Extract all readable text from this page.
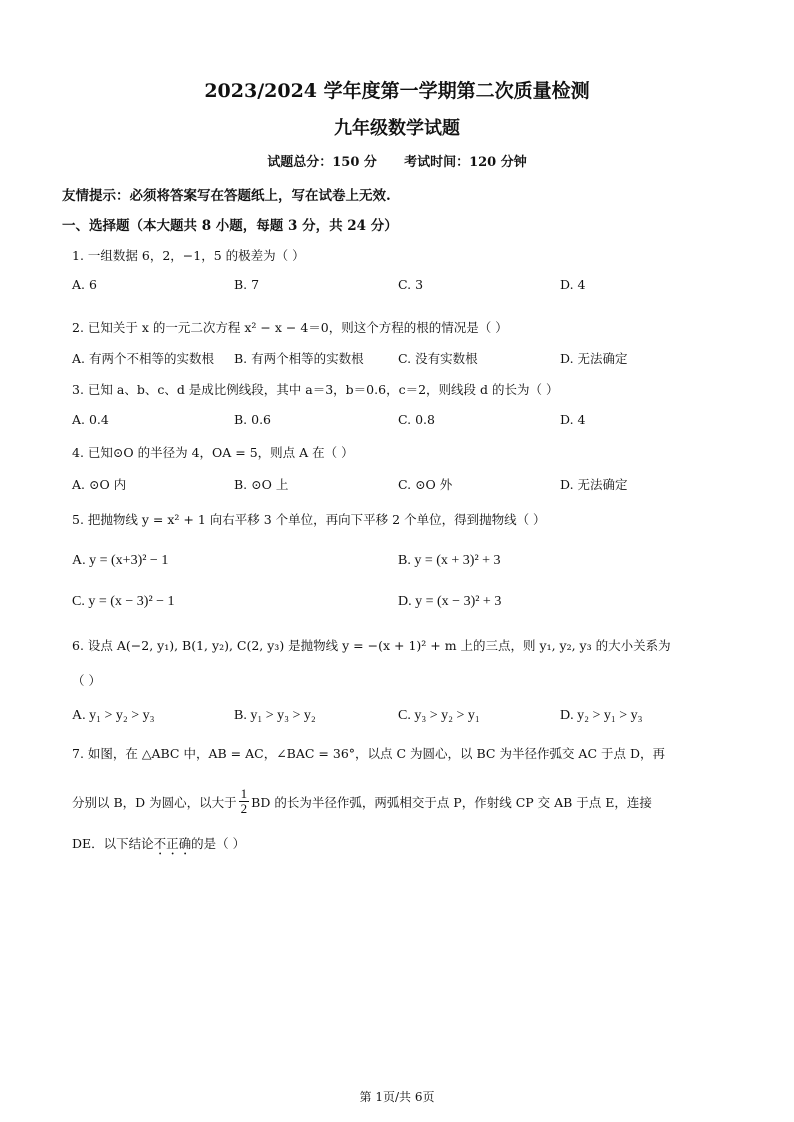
2023/2024 学年度第一学期第二次质量检测
九年级数学试题
试题总分：150 分      考试时间：120 分钟
友情提示：必须将答案写在答题纸上，写在试卷上无效.
一、选择题（本大题共 8 小题，每题 3 分，共 24 分）
1. 一组数据 6，2，−1，5 的极差为（ ）
A. 6	B. 7	C. 3	D. 4
2. 已知关于 x 的一元二次方程 x² − x − 4＝0，则这个方程的根的情况是（ ）
A. 有两个不相等的实数根 B. 有两个相等的实数根	C. 没有实数根	D. 无法确定
3. 已知 a、b、c、d 是成比例线段，其中 a＝3，b＝0.6，c＝2，则线段 d 的长为（ ）
A. 0.4	B. 0.6	C. 0.8	D. 4
4. 已知⊙O 的半径为 4，OA = 5，则点 A 在（ ）
A. ⊙O 内	B. ⊙O 上	C. ⊙O 外	D. 无法确定
5. 把抛物线 y = x² + 1 向右平移 3 个单位，再向下平移 2 个单位，得到抛物线（ ）
A. y = (x+3)² − 1	B. y = (x + 3)² + 3
C. y = (x − 3)² − 1	D. y = (x − 3)² + 3
6. 设点 A(−2, y₁), B(1, y₂), C(2, y₃) 是抛物线 y = −(x + 1)² + m 上的三点，则 y₁, y₂, y₃ 的大小关系为
（ ）
A. y₁ > y₂ > y₃	B. y₁ > y₃ > y₂	C. y₃ > y₂ > y₁	D. y₂ > y₁ > y₃
7. 如图，在 △ABC 中，AB = AC，∠BAC = 36°，以点 C 为圆心，以 BC 为半径作弧交 AC 于点 D，再
分别以 B，D 为圆心，以大于 $\frac{1}{2}$ BD 的长为半径作弧，两弧相交于点 P，作射线 CP 交 AB 于点 E，连接
DE．以下结论不正确的是（ ）
第 1页/共 6页
